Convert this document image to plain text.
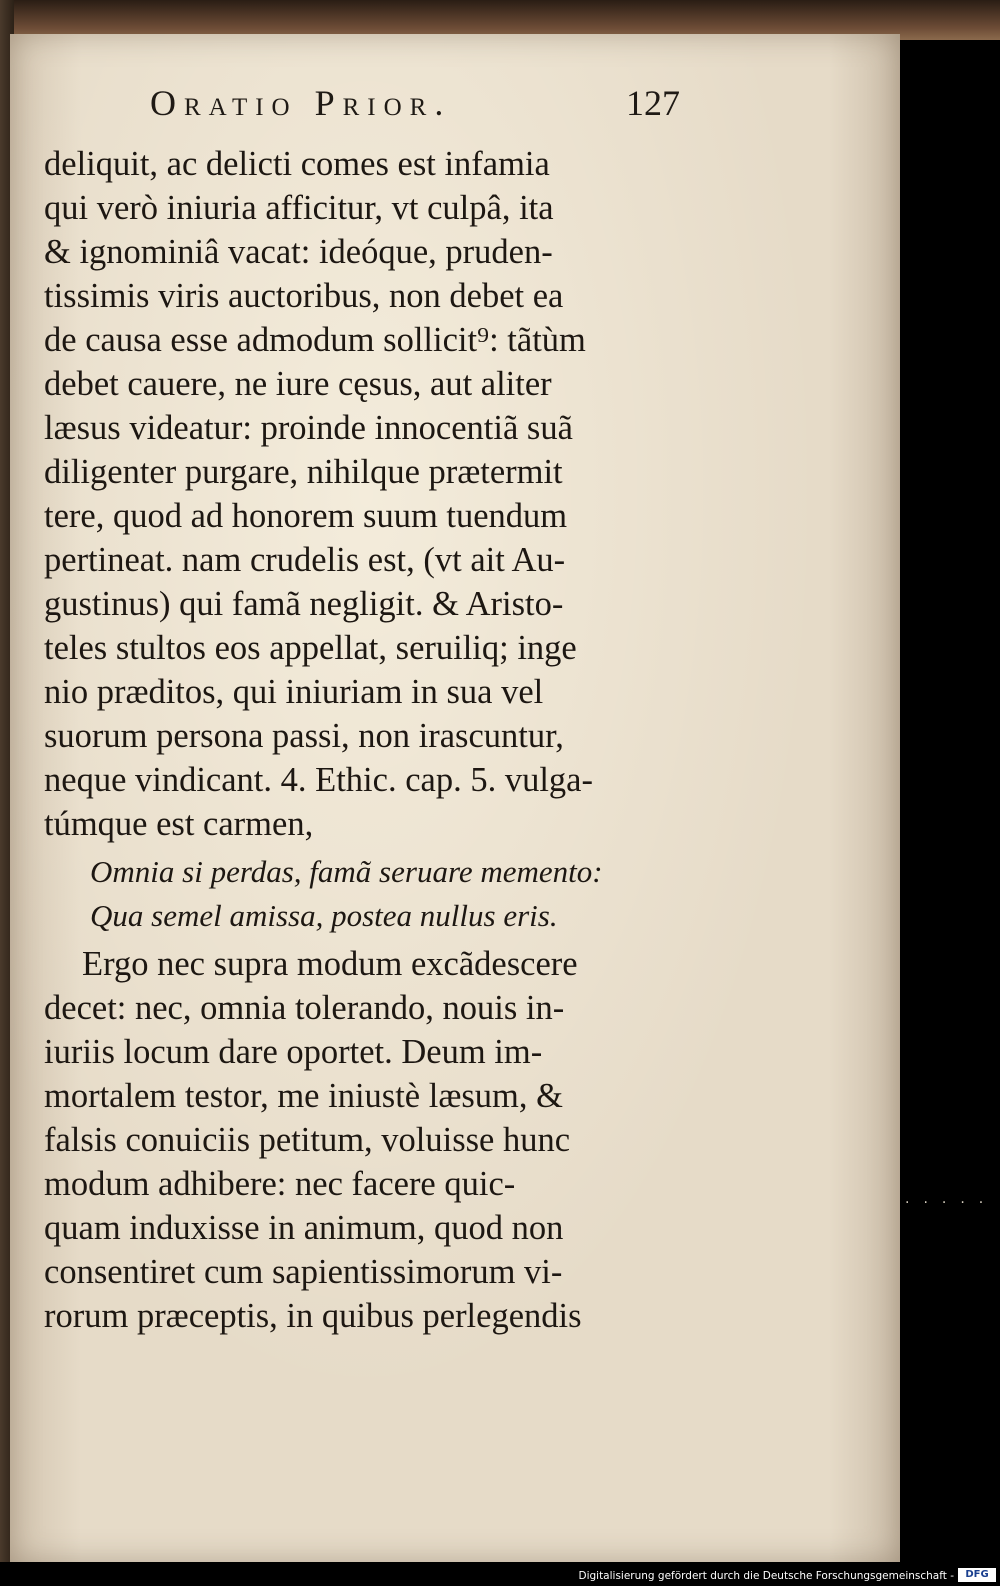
Oratio Prior.	127
deliquit, ac delicti comes est infamia
qui verò iniuria afficitur, vt culpâ, ita
& ignominiâ vacat: ideóque, pruden-
tissimis viris auctoribus, non debet ea
de causa esse admodum sollicit⁹: tãtùm
debet cauere, ne iure cęsus, aut aliter
læsus videatur: proinde innocentiã suã
diligenter purgare, nihilque prætermit
tere, quod ad honorem suum tuendum
pertineat. nam crudelis est, (vt ait Au-
gustinus) qui famã negligit. & Aristo-
teles stultos eos appellat, seruiliq; inge
nio præditos, qui iniuriam in sua vel
suorum persona passi, non irascuntur,
neque vindicant. 4. Ethic. cap. 5. vulga-
túmque est carmen,
Omnia si perdas, famã seruare memento:
Qua semel amissa, postea nullus eris.
Ergo nec supra modum excãdescere
decet: nec, omnia tolerando, nouis in-
iuriis locum dare oportet. Deum im-
mortalem testor, me iniustè læsum, &
falsis conuiciis petitum, voluisse hunc
modum adhibere: nec facere quic-
quam induxisse in animum, quod non
consentiret cum sapientissimorum vi-
rorum præceptis, in quibus perlegendis
·····
Digitalisierung gefördert durch die Deutsche Forschungsgemeinschaft -	DFG
